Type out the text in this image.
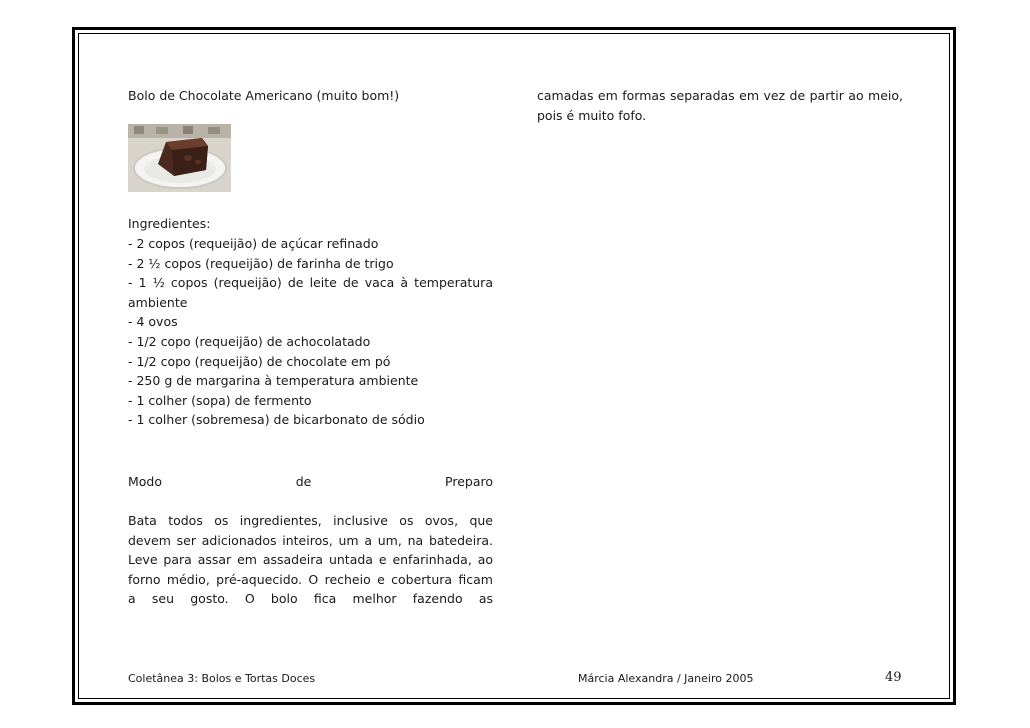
Bolo de Chocolate Americano (muito bom!)
Ingredientes:
- 2 copos (requeijão) de açúcar refinado
- 2 ½ copos (requeijão) de farinha de trigo
- 1 ½ copos (requeijão) de leite de vaca à temperatura ambiente
- 4 ovos
- 1/2 copo (requeijão) de achocolatado
- 1/2 copo (requeijão) de chocolate em pó
- 250 g de margarina à temperatura ambiente
- 1 colher (sopa) de fermento
- 1 colher (sobremesa) de bicarbonato de sódio
Modo de Preparo
Bata todos os ingredientes, inclusive os ovos, que devem ser adicionados inteiros, um a um, na batedeira. Leve para assar em assadeira untada e enfarinhada, ao forno médio, pré-aquecido. O recheio e cobertura ficam a seu gosto. O bolo fica melhor fazendo as
camadas em formas separadas em vez de partir ao meio, pois é muito fofo.
Coletânea 3: Bolos e Tortas Doces	Márcia Alexandra / Janeiro 2005	49
